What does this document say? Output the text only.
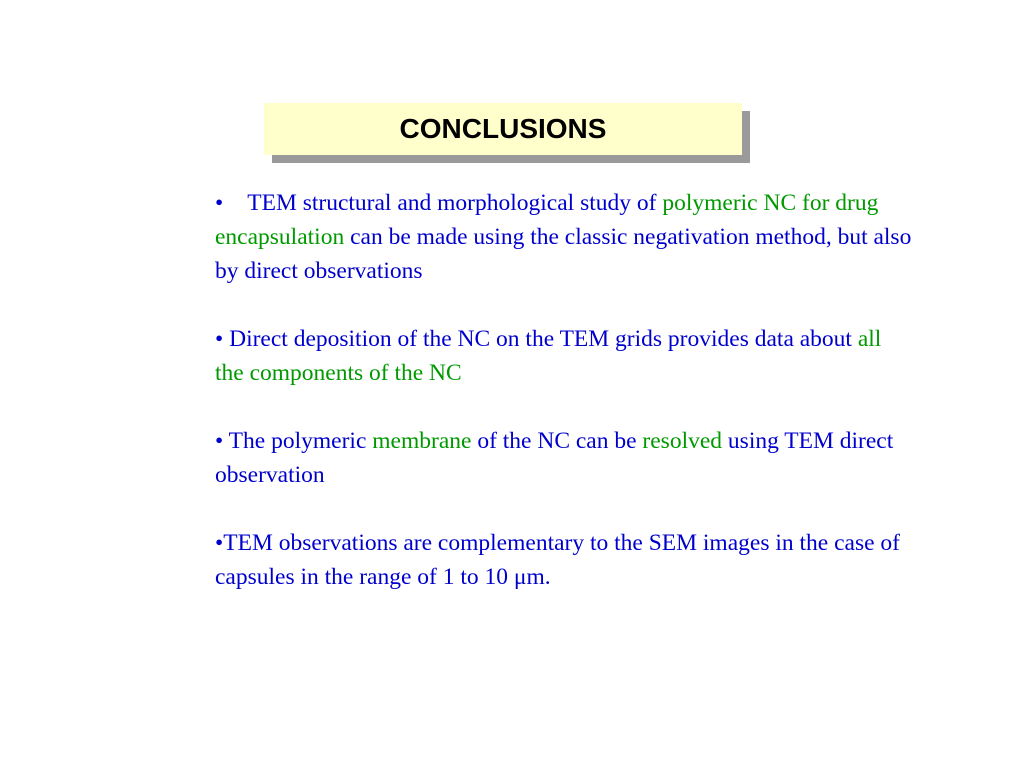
CONCLUSIONS
• TEM structural and morphological study of polymeric NC for drug encapsulation can be made using the classic negativation method, but also by direct observations
• Direct deposition of the NC on the TEM grids provides data about all the components of the NC
• The polymeric membrane of the NC can be resolved using TEM direct observation
•TEM observations are complementary to the SEM images in the case of capsules in the range of 1 to 10 μm.
